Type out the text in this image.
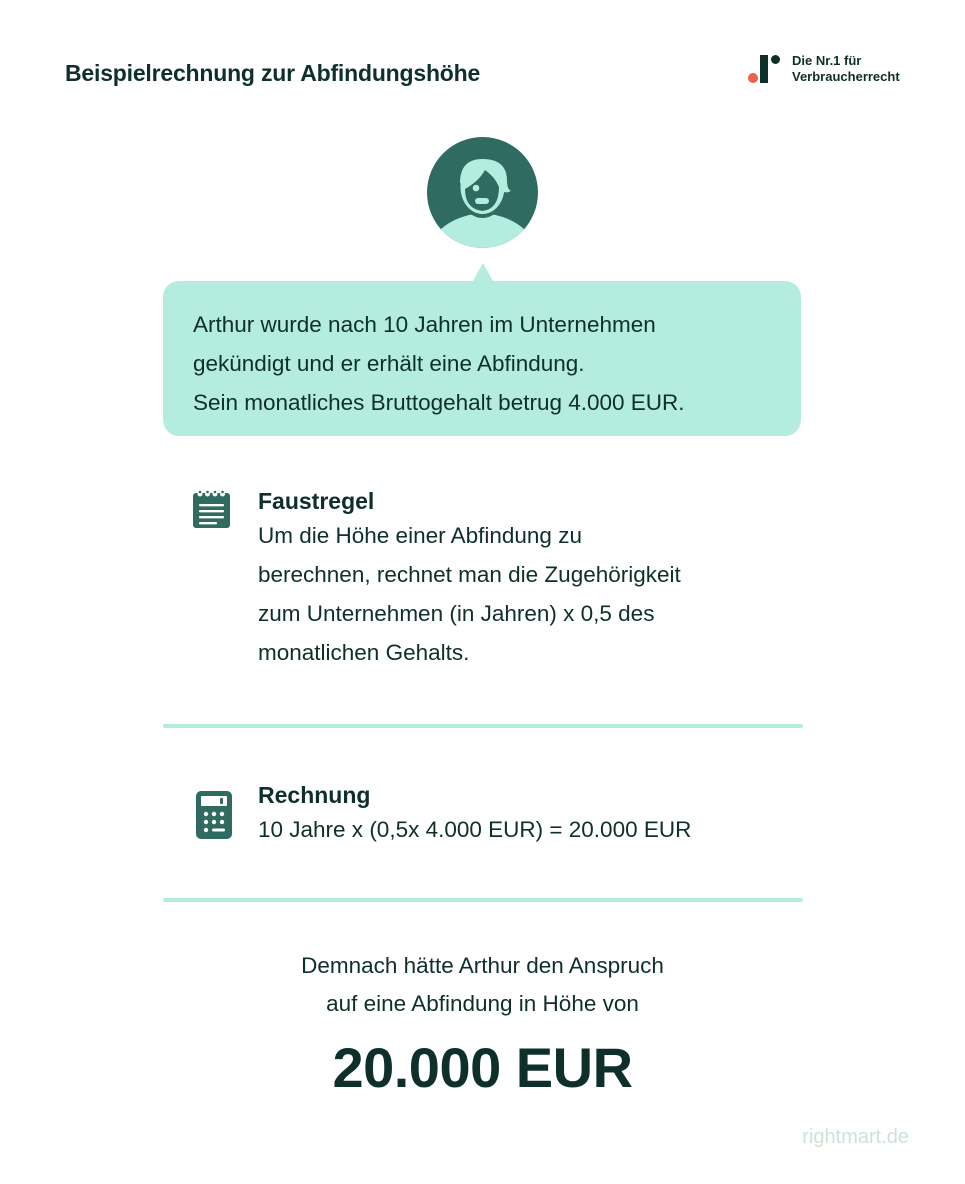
Beispielrechnung zur Abfindungshöhe	Die Nr.1 für
Verbraucherrecht
Arthur wurde nach 10 Jahren im Unternehmen
gekündigt und er erhält eine Abfindung.
Sein monatliches Bruttogehalt betrug 4.000 EUR.
Faustregel
Um die Höhe einer Abfindung zu
berechnen, rechnet man die Zugehörigkeit
zum Unternehmen (in Jahren) x 0,5 des
monatlichen Gehalts.
Rechnung
10 Jahre x (0,5x 4.000 EUR) = 20.000 EUR
Demnach hätte Arthur den Anspruch
auf eine Abfindung in Höhe von
20.000 EUR
rightmart.de
